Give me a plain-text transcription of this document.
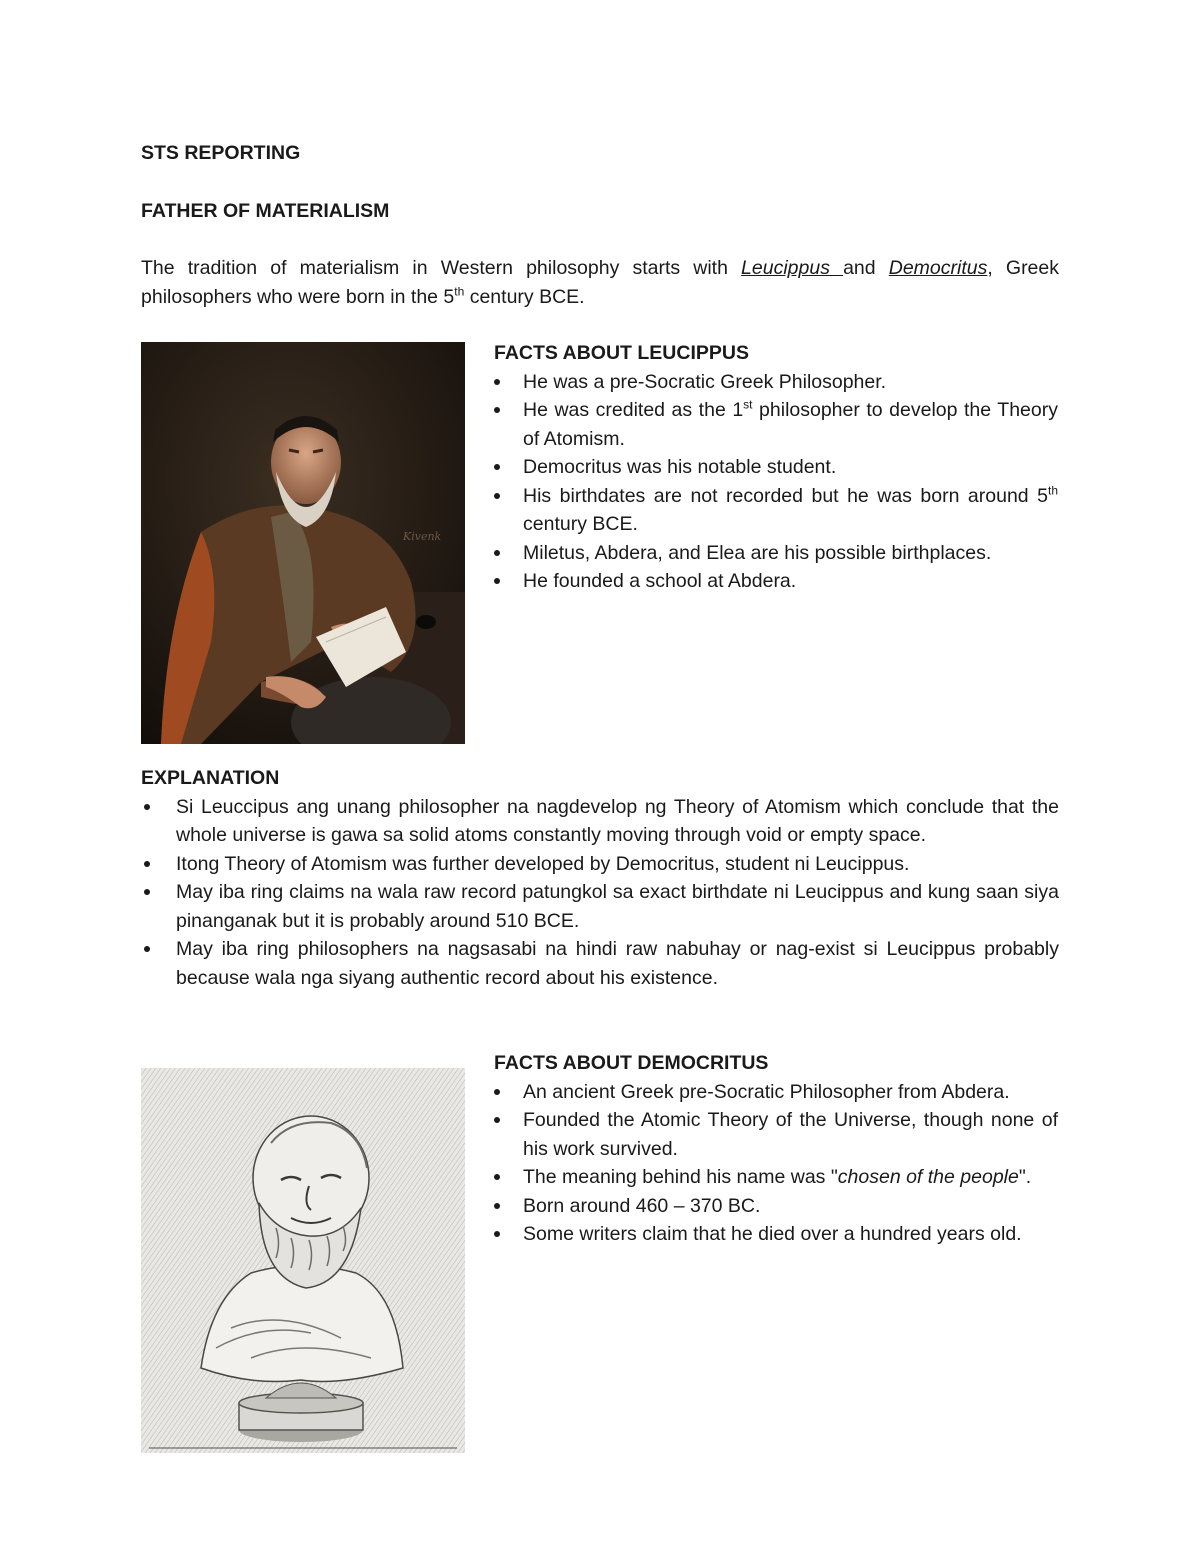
STS REPORTING
FATHER OF MATERIALISM

The tradition of materialism in Western philosophy starts with Leucippus and Democritus, Greek philosophers who were born in the 5th century BCE.

Kivenk
FACTS ABOUT LEUCIPPUS
He was a pre-Socratic Greek Philosopher.
He was credited as the 1st philosopher to develop the Theory of Atomism.
Democritus was his notable student.
His birthdates are not recorded but he was born around 5th century BCE.
Miletus, Abdera, and Elea are his possible birthplaces.
He founded a school at Abdera.
EXPLANATION
Si Leuccipus ang unang philosopher na nagdevelop ng Theory of Atomism which conclude that the whole universe is gawa sa solid atoms constantly moving through void or empty space.
Itong Theory of Atomism was further developed by Democritus, student ni Leucippus.
May iba ring claims na wala raw record patungkol sa exact birthdate ni Leucippus and kung saan siya pinanganak but it is probably around 510 BCE.
May iba ring philosophers na nagsasabi na hindi raw nabuhay or nag-exist si Leucippus probably because wala nga siyang authentic record about his existence.
FACTS ABOUT DEMOCRITUS
An ancient Greek pre-Socratic Philosopher from Abdera.
Founded the Atomic Theory of the Universe, though none of his work survived.
The meaning behind his name was "chosen of the people".
Born around 460 – 370 BC.
Some writers claim that he died over a hundred years old.
